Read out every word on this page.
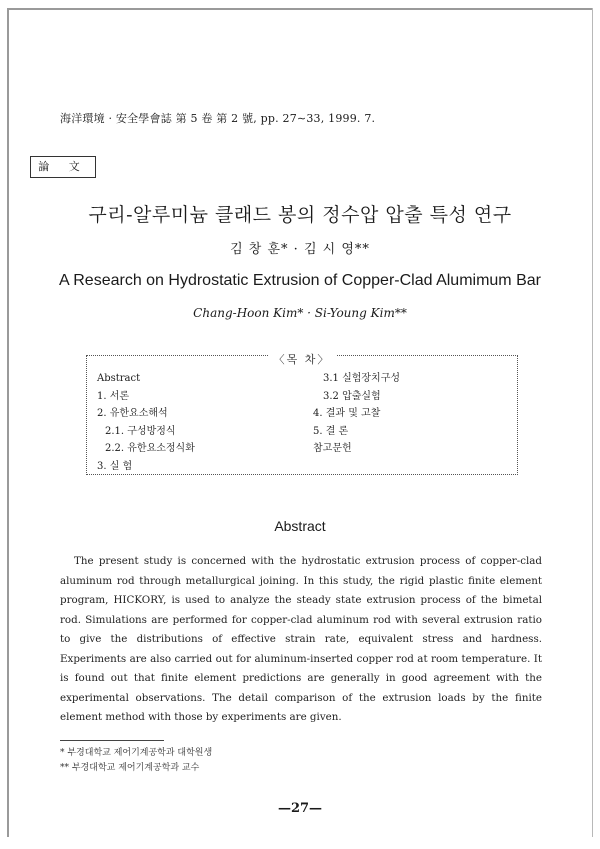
海洋環境 · 安全學會誌 第 5 卷 第 2 號, pp. 27∼33, 1999. 7.
論 文
구리-알루미늄 클래드 봉의 정수압 압출 특성 연구
김 창 훈* · 김 시 영**
A Research on Hydrostatic Extrusion of Copper-Clad Alumimum Bar
Chang-Hoon Kim* · Si-Young Kim**
〈목 차〉
Abstract
1. 서론
2. 유한요소해석
2.1. 구성방정식
2.2. 유한요소정식화
3. 실 험
3.1 실험장치구성
3.2 압출실험
4. 결과 및 고찰
5. 결 론
참고문헌
Abstract
The present study is concerned with the hydrostatic extrusion process of copper-clad aluminum rod through metallurgical joining. In this study, the rigid plastic finite element program, HICKORY, is used to analyze the steady state extrusion process of the bimetal rod. Simulations are performed for copper-clad aluminum rod with several extrusion ratio to give the distributions of effective strain rate, equivalent stress and hardness. Experiments are also carried out for aluminum-inserted copper rod at room temperature. It is found out that finite element predictions are generally in good agreement with the experimental observations. The detail comparison of the extrusion loads by the finite element method with those by experiments are given.
* 부경대학교 제어기계공학과 대학원생
** 부경대학교 제어기계공학과 교수
—27—
